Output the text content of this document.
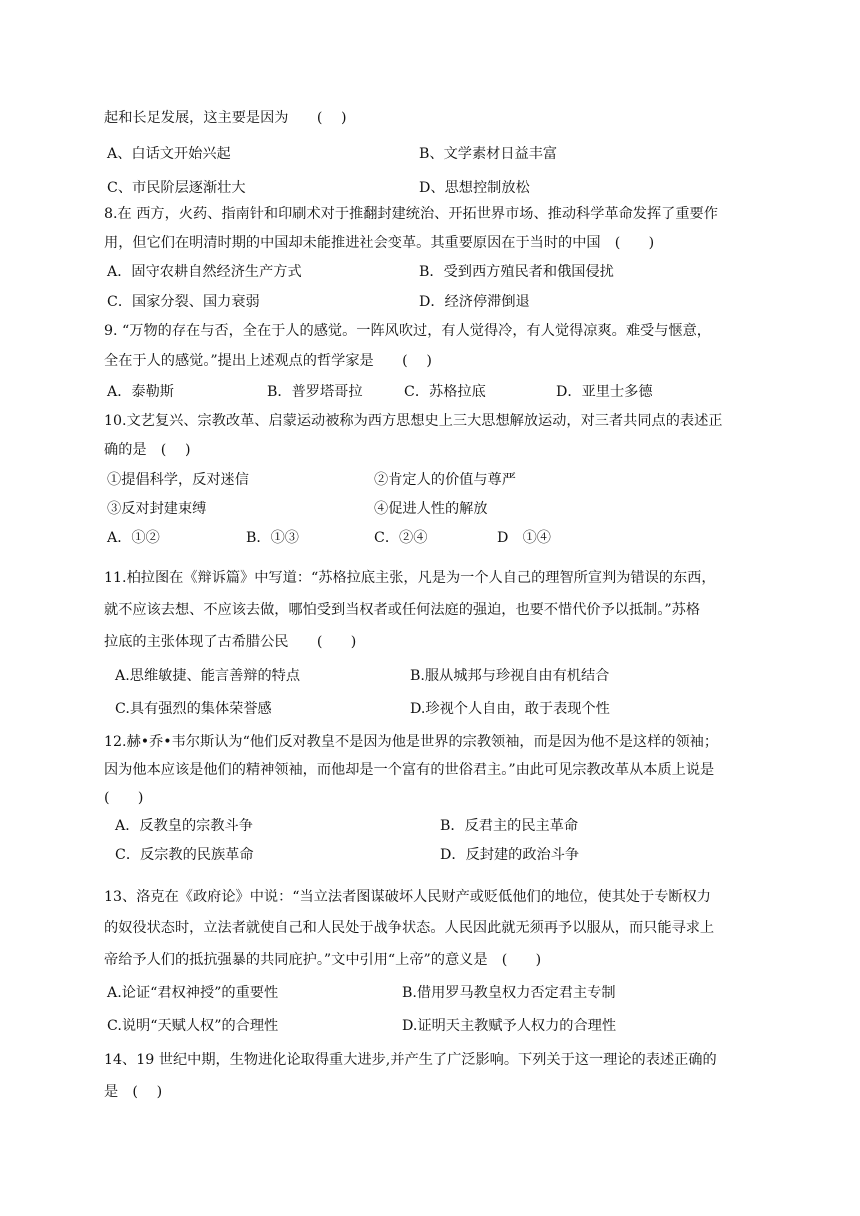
起和长足发展，这主要是因为　　(　 )
A、白话文开始兴起	B、文学素材日益丰富
C、市民阶层逐渐壮大	D、思想控制放松
8.在 西方，火药、指南针和印刷术对于推翻封建统治、开拓世界市场、推动科学革命发挥了重要作
用，但它们在明清时期的中国却未能推进社会变革。其重要原因在于当时的中国　(　　)
A．固守农耕自然经济生产方式	B．受到西方殖民者和俄国侵扰
C．国家分裂、国力衰弱	D．经济停滞倒退
9. “万物的存在与否，全在于人的感觉。一阵风吹过，有人觉得冷，有人觉得凉爽。难受与惬意，
全在于人的感觉。”提出上述观点的哲学家是　　(　 )
A．泰勒斯	B．普罗塔哥拉	C．苏格拉底	D．亚里士多德
10.文艺复兴、宗教改革、启蒙运动被称为西方思想史上三大思想解放运动，对三者共同点的表述正
确的是　(　 )
①提倡科学，反对迷信	②肯定人的价值与尊严
③反对封建束缚	④促进人性的解放
A．①②	B．①③	C．②④	D　①④
11.柏拉图在《辩诉篇》中写道：“苏格拉底主张，凡是为一个人自己的理智所宣判为错误的东西，
就不应该去想、不应该去做，哪怕受到当权者或任何法庭的强迫，也要不惜代价予以抵制。”苏格
拉底的主张体现了古希腊公民　　(　　)
A.思维敏捷、能言善辩的特点	B.服从城邦与珍视自由有机结合
C.具有强烈的集体荣誉感	D.珍视个人自由，敢于表现个性
12.赫•乔•韦尔斯认为“他们反对教皇不是因为他是世界的宗教领袖，而是因为他不是这样的领袖；
因为他本应该是他们的精神领袖，而他却是一个富有的世俗君主。”由此可见宗教改革从本质上说是
(　　)
A．反教皇的宗教斗争	B．反君主的民主革命
C．反宗教的民族革命	D．反封建的政治斗争
13、洛克在《政府论》中说：“当立法者图谋破坏人民财产或贬低他们的地位，使其处于专断权力
的奴役状态时，立法者就使自己和人民处于战争状态。人民因此就无须再予以服从，而只能寻求上
帝给予人们的抵抗强暴的共同庇护。”文中引用“上帝”的意义是　(　　)
A.论证“君权神授”的重要性	B.借用罗马教皇权力否定君主专制
C.说明“天赋人权”的合理性	D.证明天主教赋予人权力的合理性
14、19 世纪中期，生物进化论取得重大进步,并产生了广泛影响。下列关于这一理论的表述正确的
是　(　 )
